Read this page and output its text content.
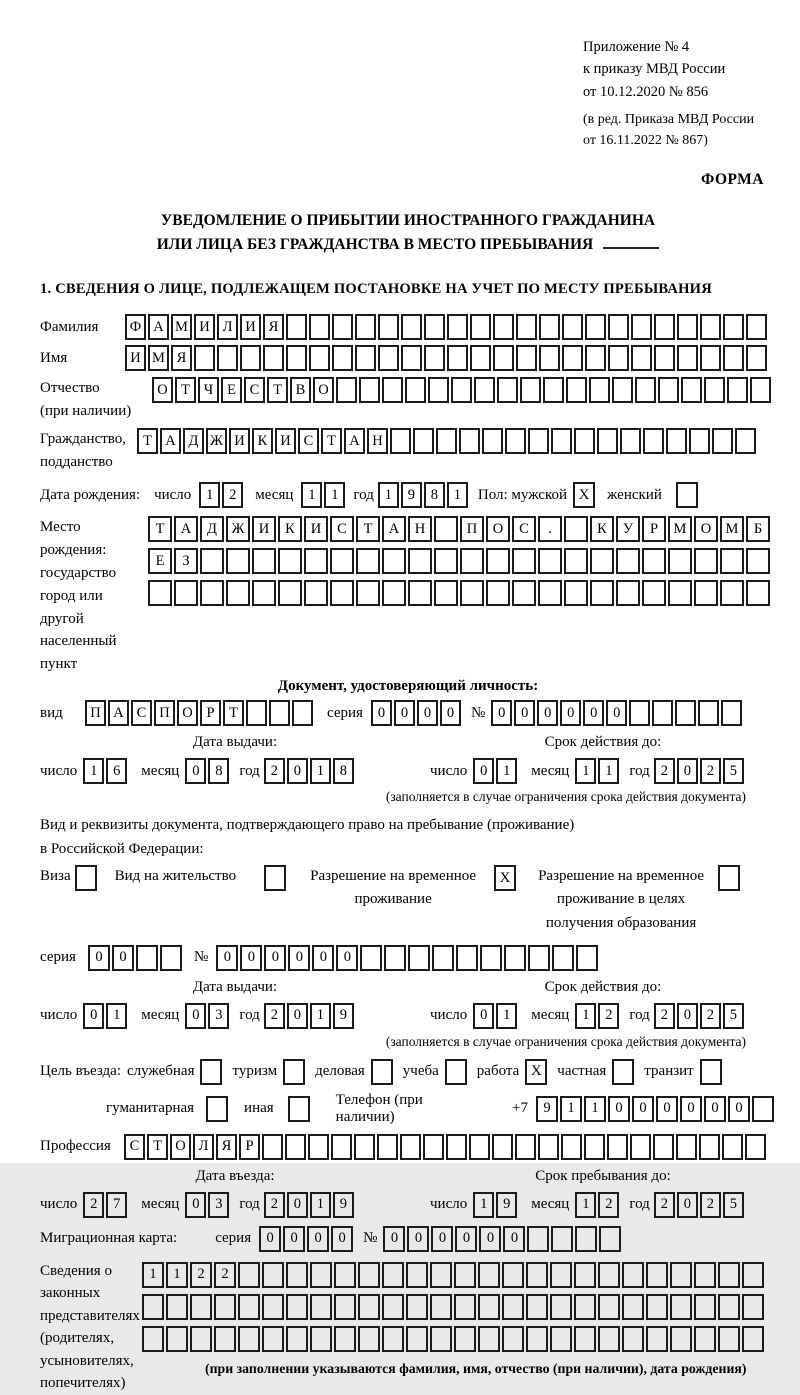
Приложение № 4
к приказу МВД России
от 10.12.2020 № 856
(в ред. Приказа МВД России
от 16.11.2022 № 867)
ФОРМА
УВЕДОМЛЕНИЕ О ПРИБЫТИИ ИНОСТРАННОГО ГРАЖДАНИНА
ИЛИ ЛИЦА БЕЗ ГРАЖДАНСТВА В МЕСТО ПРЕБЫВАНИЯ
1. СВЕДЕНИЯ О ЛИЦЕ, ПОДЛЕЖАЩЕМ ПОСТАНОВКЕ НА УЧЕТ ПО МЕСТУ ПРЕБЫВАНИЯ
Фамилия	Ф А М И Л И Я
Имя	И М Я
Отчество
(при наличии)
О Т Ч Е С Т В О
Гражданство,
подданство
Т А Д Ж И К И С Т А Н
Дата рождения: число	1	2	месяц	1	1 год 1	9	8	1	Пол: мужской X	женский
Место рождения:
государство
город или другой
населенный пункт
Т	А	Д	Ж И	К	И	С	Т	А	Н	П	О	С	.	К	У	Р	М О М	Б
Е	З
Документ, удостоверяющий личность:
вид	П А С П О Р	Т	серия	0	0	0	0	№ 0	0	0	0	0	0
Дата выдачи:	Срок действия до:
число 1	6	месяц 0	8	год 2	0	1	8	число 0	1	месяц 1	1	год 2	0	2	5
(заполняется в случае ограничения срока действия документа)
Вид и реквизиты документа, подтверждающего право на пребывание (проживание)
в Российской Федерации:
Виза	Вид на жительство	Разрешение на временное
проживание
X	Разрешение на временное
проживание в целях
получения образования
серия	0	0	№	0	0	0	0	0	0
Дата выдачи:	Срок действия до:
число 0	1	месяц 0	3	год 2	0	1	9	число 0	1	месяц 1	2	год 2	0	2	5
(заполняется в случае ограничения срока действия документа)
Цель въезда: служебная	туризм	деловая	учеба	работа X	частная	транзит
гуманитарная	иная
Телефон (при наличии)
+7	9	1	1	0	0	0	0	0	0
Профессия	С Т О Л Я Р
Дата въезда:	Срок пребывания до:
число 2	7	месяц 0	3	год 2	0	1	9	число 1	9	месяц 1	2	год 2	0	2	5
Миграционная карта:	серия	0	0	0	0	№ 0	0	0	0	0	0
Сведения о
законных
представителях
(родителях,
усыновителях,
попечителях)
1	1	2	2
(при заполнении указываются фамилия, имя, отчество (при наличии), дата рождения)
